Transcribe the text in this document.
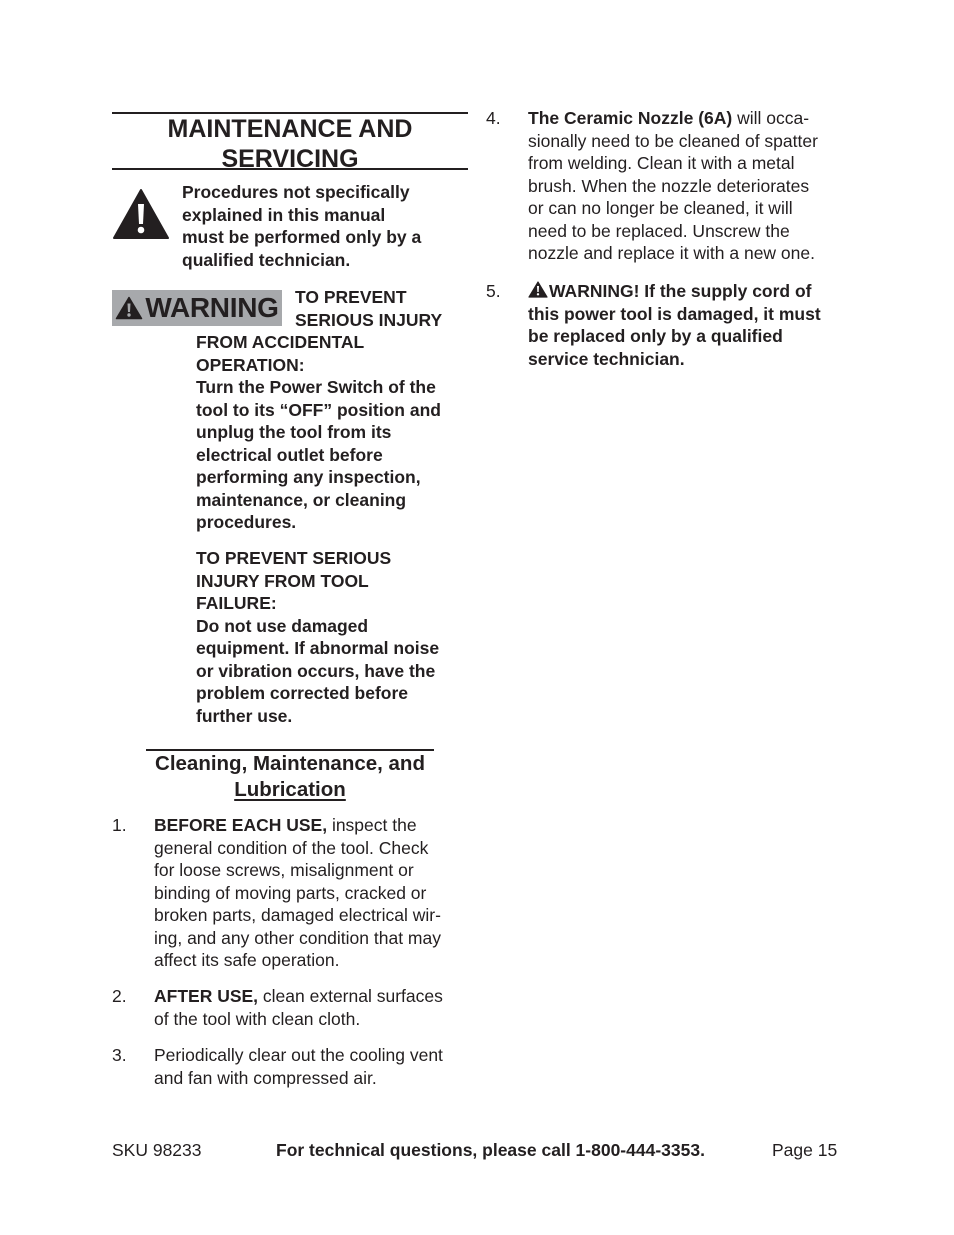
MAINTENANCE AND
SERVICING
Procedures not specifically
explained in this manual
must be performed only by a
qualified technician.
WARNING TO PREVENT
SERIOUS INJURY
FROM ACCIDENTAL
OPERATION:
Turn the Power Switch of the
tool to its “OFF” position and
unplug the tool from its
electrical outlet before
performing any inspection,
maintenance, or cleaning
procedures.
TO PREVENT SERIOUS
INJURY FROM TOOL
FAILURE:
Do not use damaged
equipment. If abnormal noise
or vibration occurs, have the
problem corrected before
further use.
Cleaning, Maintenance, and
Lubrication
1. BEFORE EACH USE, inspect the
general condition of the tool. Check
for loose screws, misalignment or
binding of moving parts, cracked or
broken parts, damaged electrical wir-
ing, and any other condition that may
affect its safe operation.
2. AFTER USE, clean external surfaces
of the tool with clean cloth.
3. Periodically clear out the cooling vent
and fan with compressed air.
4. The Ceramic Nozzle (6A) will occa-
sionally need to be cleaned of spatter
from welding. Clean it with a metal
brush. When the nozzle deteriorates
or can no longer be cleaned, it will
need to be replaced. Unscrew the
nozzle and replace it with a new one.
5.	WARNING! If the supply cord of
this power tool is damaged, it must
be replaced only by a qualified
service technician.
SKU 98233	For technical questions, please call 1-800-444-3353.	Page 15
